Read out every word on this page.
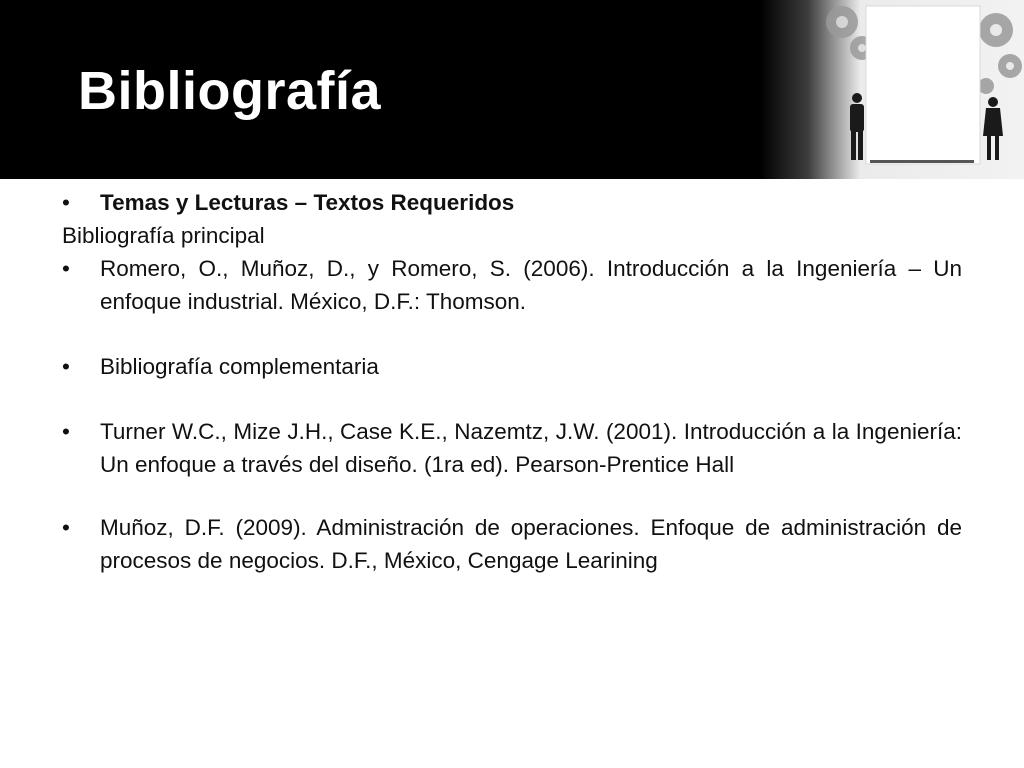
Bibliografía
• Temas y Lecturas – Textos Requeridos
Bibliografía principal
• Romero, O., Muñoz, D., y Romero, S. (2006). Introducción a la Ingeniería – Un enfoque industrial. México, D.F.: Thomson.
• Bibliografía complementaria
• Turner W.C., Mize J.H., Case K.E., Nazemtz, J.W. (2001). Introducción a la Ingeniería: Un enfoque a través del diseño. (1ra ed). Pearson-Prentice Hall
• Muñoz, D.F. (2009). Administración de operaciones. Enfoque de administración de procesos de negocios. D.F., México, Cengage Learining
